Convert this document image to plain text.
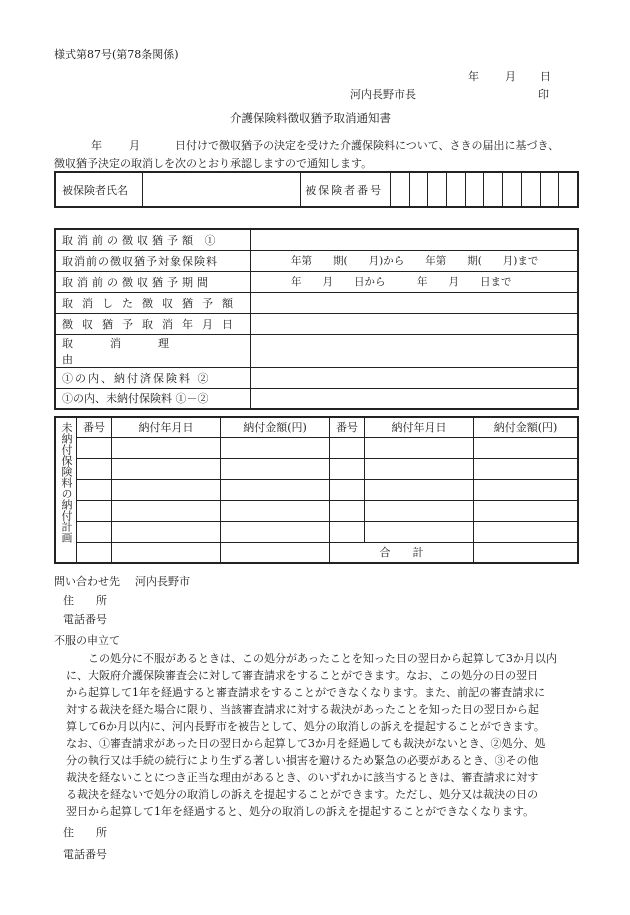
様式第87号(第78条関係)
年 月 日
河内長野市長	印
介護保険料徴収猶予取消通知書
年 月	日付けで徴収猶予の決定を受けた介護保険料について、さきの届出に基づき、
徴収猶予決定の取消しを次のとおり承認しますので通知します。
被保険者氏名		被保険者番号

取消前の徴収猶予額 ①	
取消前の徴収猶予対象保険料	年第　　期(　　月)から　　年第　　期(　　月)まで
取消前の徴収猶予期間	年　　月　　日から　　　年　　月　　日まで
取消した徴収猶予額	
徴収猶予取消年月日	
取消理由	
①の内、納付済保険料 ②	
①の内、未納付保険料 ①－②	
未納付保険料の納付計画	番号	納付年月日	納付金額(円)	番号	納付年月日	納付金額(円)

				合　　計		
問い合わせ先 河内長野市
住　　所
電話番号
不服の申立て
この処分に不服があるときは、この処分があったことを知った日の翌日から起算して3か月以内
に、大阪府介護保険審査会に対して審査請求をすることができます。なお、この処分の日の翌日
から起算して1年を経過すると審査請求をすることができなくなります。また、前記の審査請求に
対する裁決を経た場合に限り、当該審査請求に対する裁決があったことを知った日の翌日から起
算して6か月以内に、河内長野市を被告として、処分の取消しの訴えを提起することができます。
なお、①審査請求があった日の翌日から起算して3か月を経過しても裁決がないとき、②処分、処
分の執行又は手続の続行により生ずる著しい損害を避けるため緊急の必要があるとき、③その他
裁決を経ないことにつき正当な理由があるとき、のいずれかに該当するときは、審査請求に対す
る裁決を経ないで処分の取消しの訴えを提起することができます。ただし、処分又は裁決の日の
翌日から起算して1年を経過すると、処分の取消しの訴えを提起することができなくなります。
住　　所
電話番号
